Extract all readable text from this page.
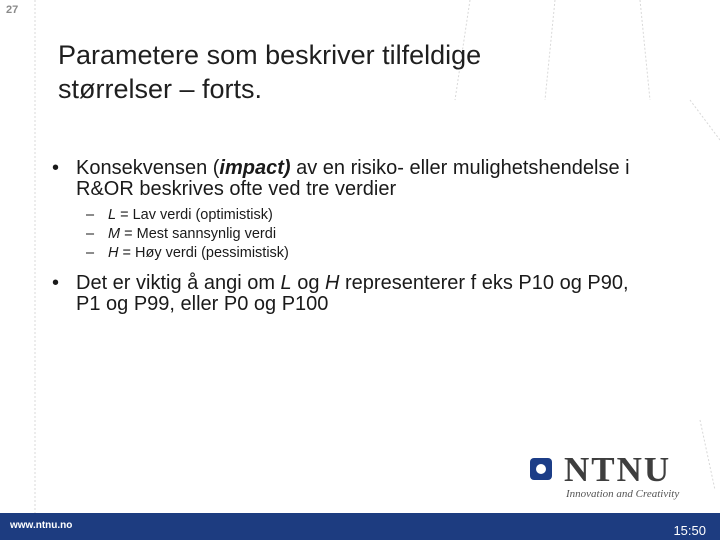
27
Parametere som beskriver tilfeldige
størrelser – forts.
• Konsekvensen (impact) av en risiko- eller mulighetshendelse i R&OR beskrives ofte ved tre verdier
– L = Lav verdi (optimistisk)
– M = Mest sannsynlig verdi
– H = Høy verdi (pessimistisk)
• Det er viktig å angi om L og H representerer f eks P10 og P90, P1 og P99, eller P0 og P100
NTNU
Innovation and Creativity
www.ntnu.no	15:50
